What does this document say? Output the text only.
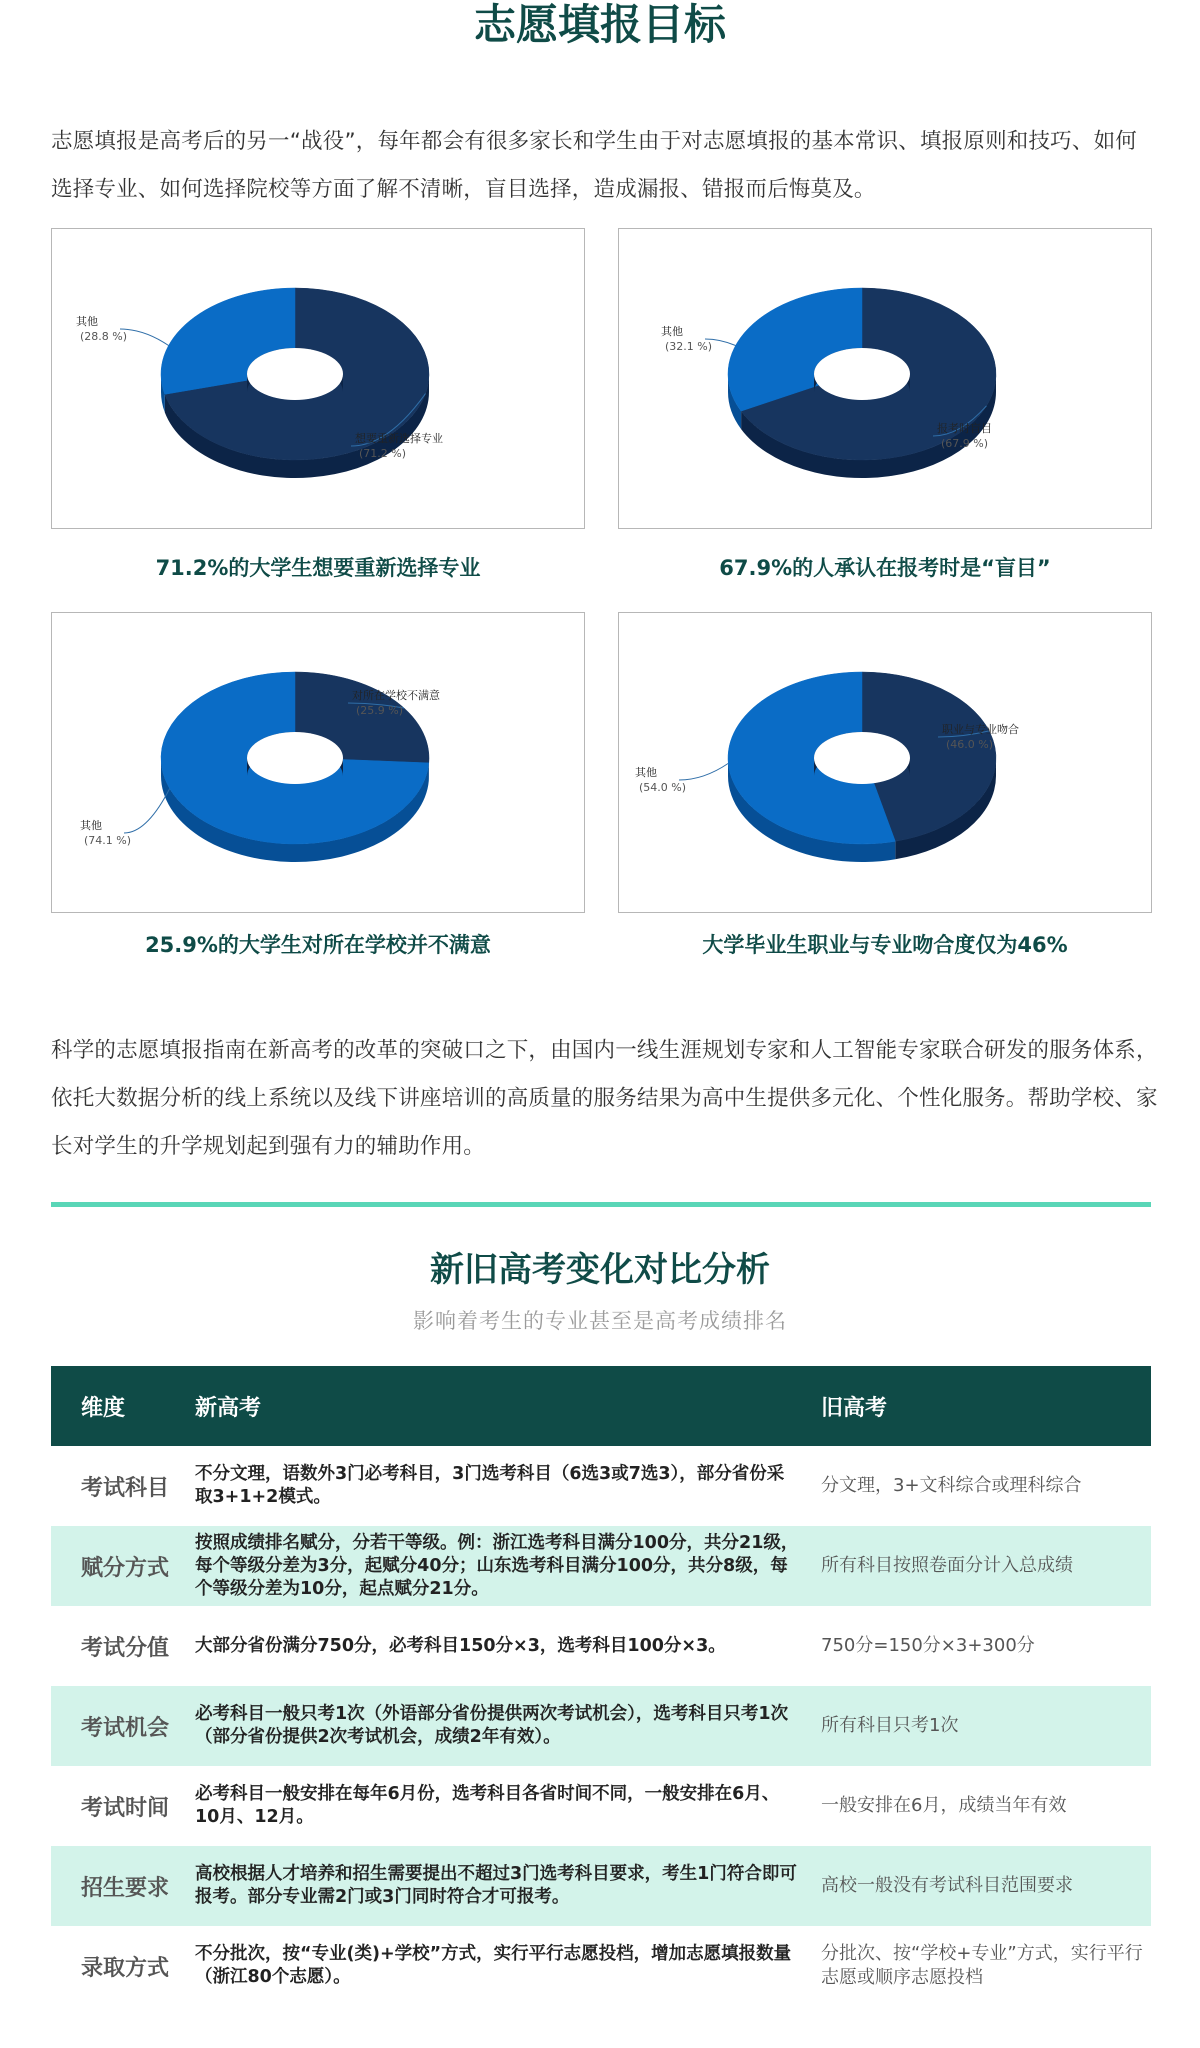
志愿填报目标

志愿填报是高考后的另一“战役”，每年都会有很多家长和学生由于对志愿填报的基本常识、填报原则和技巧、如何选择专业、如何选择院校等方面了解不清晰，盲目选择，造成漏报、错报而后悔莫及。

想要重新选择专业
(71.2 %)
其他
(28.8 %)
71.2%的大学生想要重新选择专业
报考时盲目
(67.9 %)
其他
(32.1 %)
67.9%的人承认在报考时是“盲目”
对所在学校不满意
(25.9 %)
其他
(74.1 %)
25.9%的大学生对所在学校并不满意
职业与专业吻合
(46.0 %)
其他
(54.0 %)
大学毕业生职业与专业吻合度仅为46%

科学的志愿填报指南在新高考的改革的突破口之下，由国内一线生涯规划专家和人工智能专家联合研发的服务体系，依托大数据分析的线上系统以及线下讲座培训的高质量的服务结果为高中生提供多元化、个性化服务。帮助学校、家长对学生的升学规划起到强有力的辅助作用。

新旧高考变化对比分析
影响着考生的专业甚至是高考成绩排名
维度	新高考	旧高考
考试科目	不分文理，语数外3门必考科目，3门选考科目（6选3或7选3），部分省份采取3+1+2模式。	分文理，3+文科综合或理科综合
赋分方式	按照成绩排名赋分，分若干等级。例：浙江选考科目满分100分，共分21级，每个等级分差为3分，起赋分40分；山东选考科目满分100分，共分8级，每个等级分差为10分，起点赋分21分。	所有科目按照卷面分计入总成绩
考试分值	大部分省份满分750分，必考科目150分×3，选考科目100分×3。	750分=150分×3+300分
考试机会	必考科目一般只考1次（外语部分省份提供两次考试机会），选考科目只考1次（部分省份提供2次考试机会，成绩2年有效）。	所有科目只考1次
考试时间	必考科目一般安排在每年6月份，选考科目各省时间不同，一般安排在6月、10月、12月。	一般安排在6月，成绩当年有效
招生要求	高校根据人才培养和招生需要提出不超过3门选考科目要求，考生1门符合即可报考。部分专业需2门或3门同时符合才可报考。	高校一般没有考试科目范围要求
录取方式	不分批次，按“专业(类)+学校”方式，实行平行志愿投档，增加志愿填报数量（浙江80个志愿）。	分批次、按“学校+专业”方式，实行平行志愿或顺序志愿投档
